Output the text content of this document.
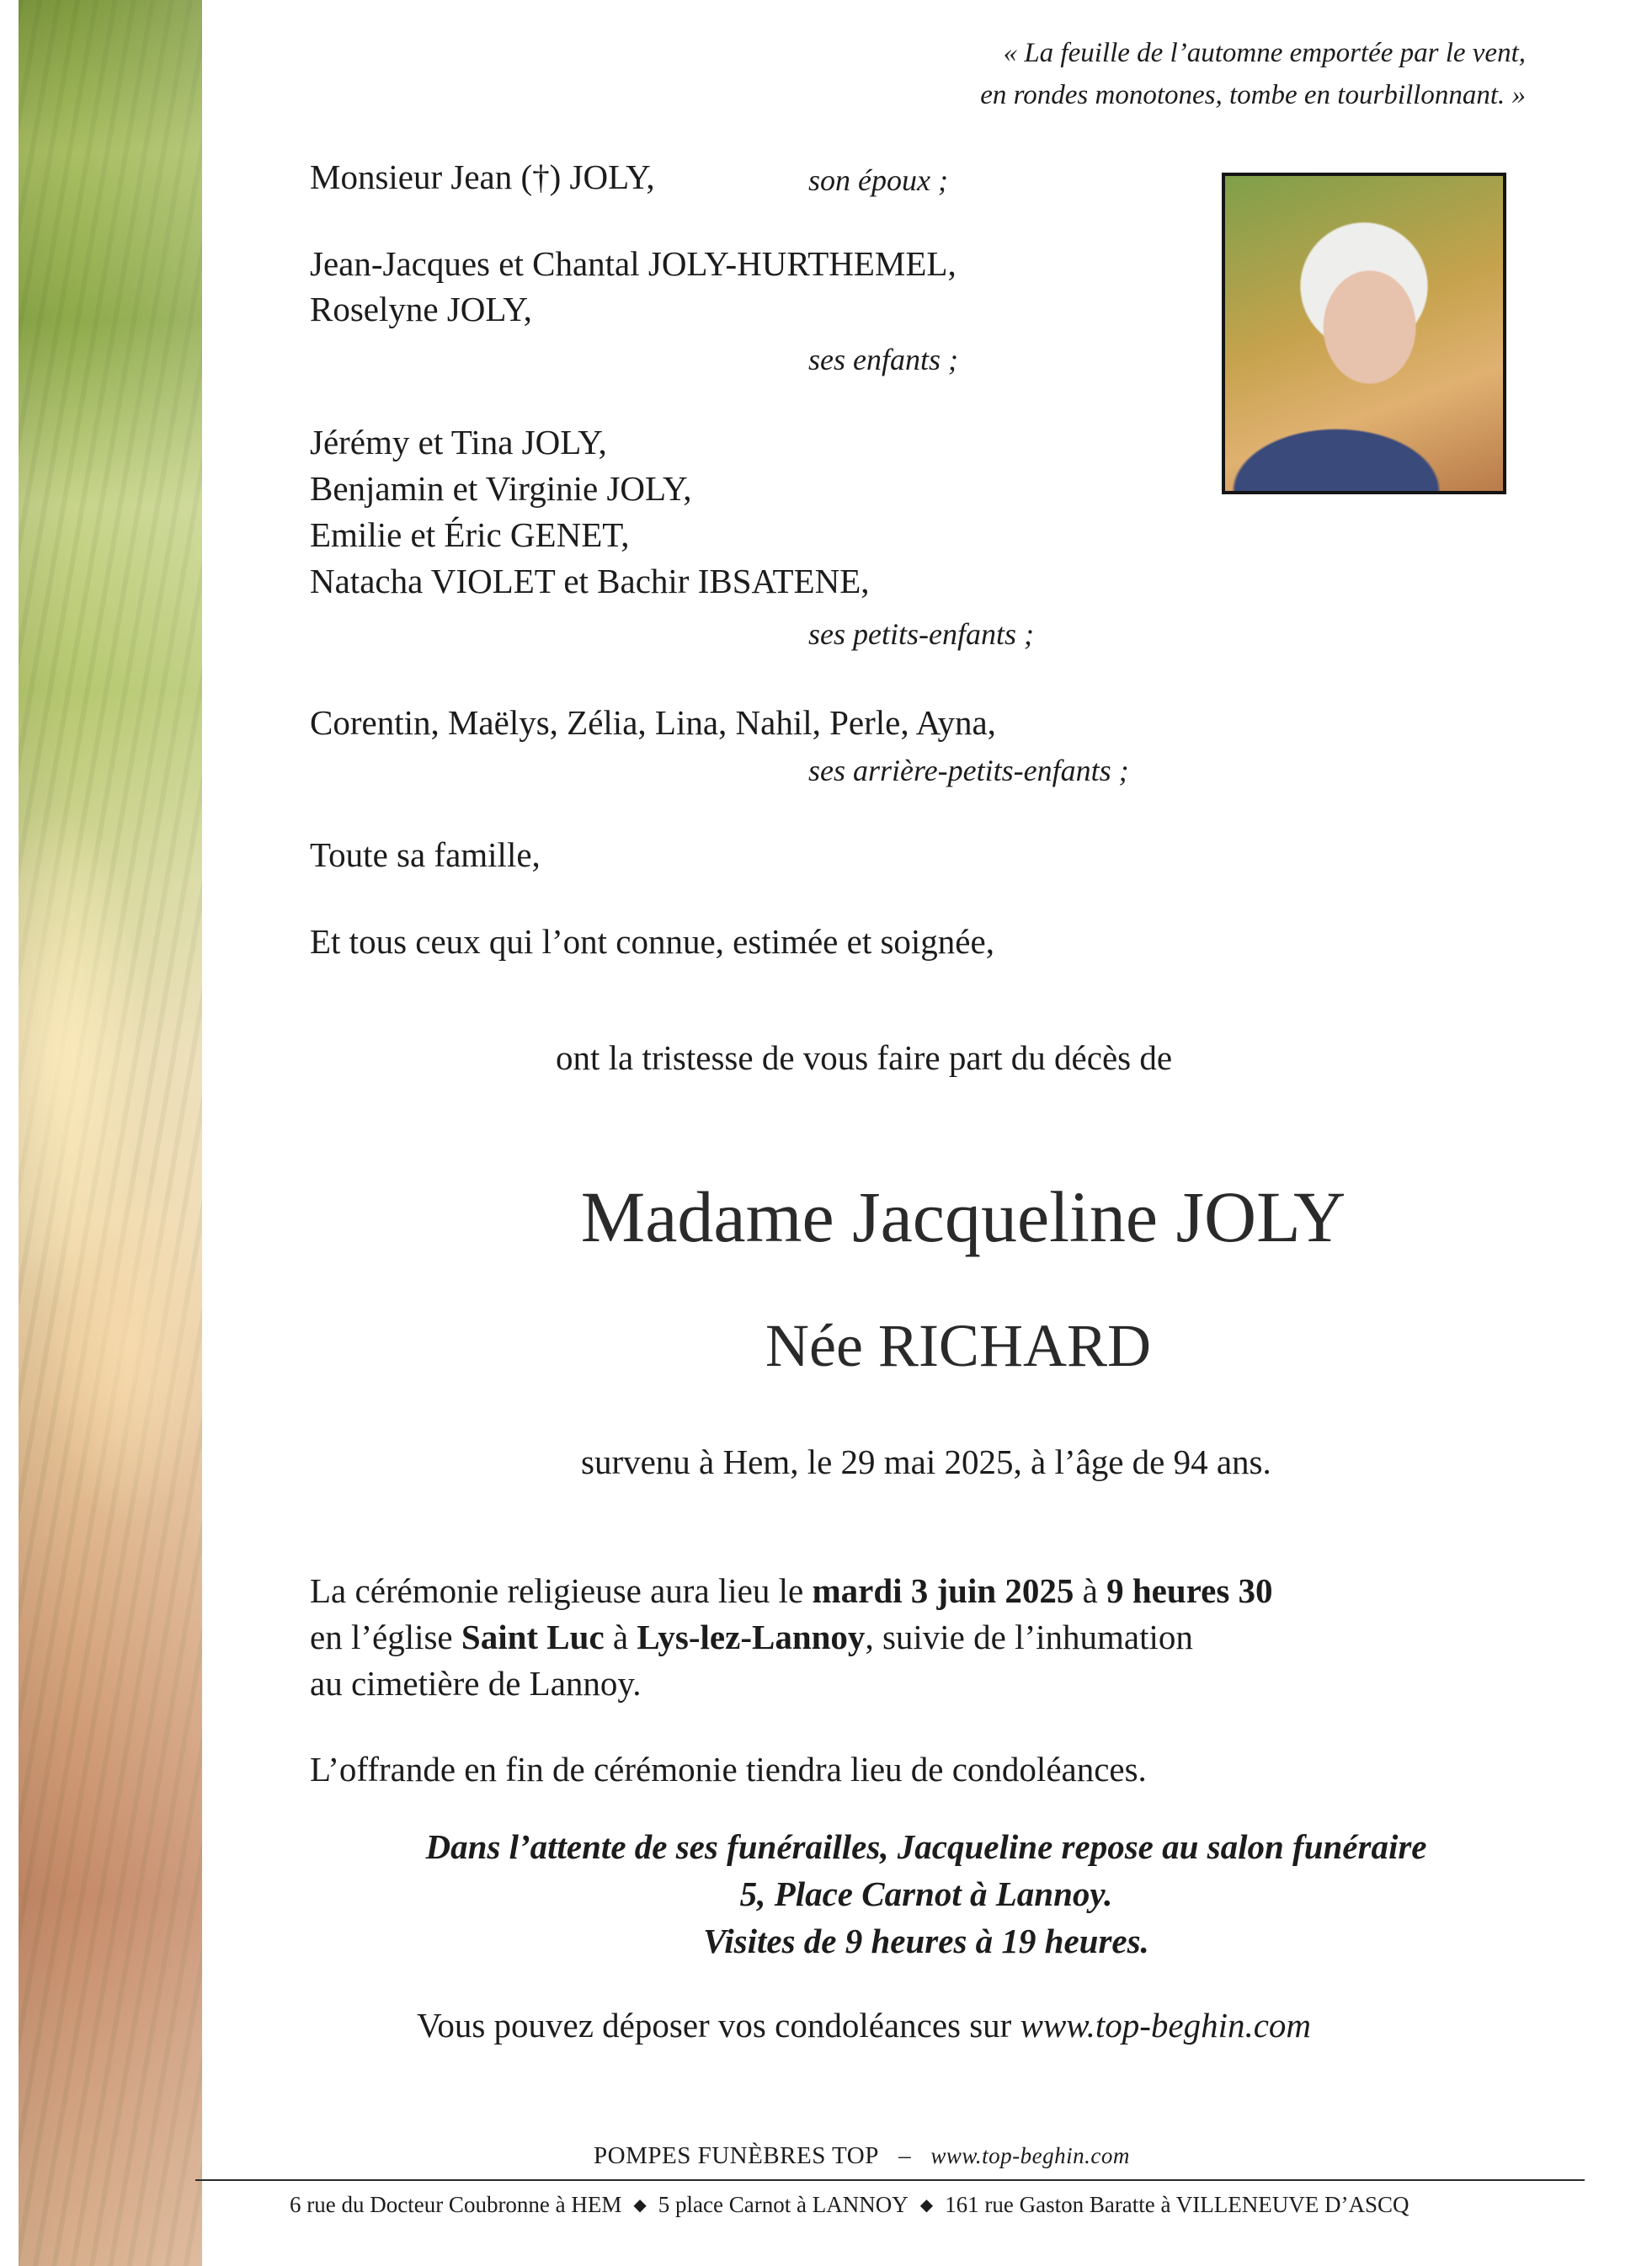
« La feuille de l’automne emportée par le vent,
en rondes monotones, tombe en tourbillonnant. »
Monsieur Jean (†) JOLY,	son époux ;
Jean-Jacques et Chantal JOLY-HURTHEMEL,
Roselyne JOLY,
ses enfants ;
Jérémy et Tina JOLY,
Benjamin et Virginie JOLY,
Emilie et Éric GENET,
Natacha VIOLET et Bachir IBSATENE,
ses petits-enfants ;
Corentin, Maëlys, Zélia, Lina, Nahil, Perle, Ayna,
ses arrière-petits-enfants ;
Toute sa famille,
Et tous ceux qui l’ont connue, estimée et soignée,
ont la tristesse de vous faire part du décès de
Madame Jacqueline JOLY
Née RICHARD
survenu à Hem, le 29 mai 2025, à l’âge de 94 ans.
La cérémonie religieuse aura lieu le mardi 3 juin 2025 à 9 heures 30
en l’église Saint Luc à Lys-lez-Lannoy, suivie de l’inhumation
au cimetière de Lannoy.
L’offrande en fin de cérémonie tiendra lieu de condoléances.
Dans l’attente de ses funérailles, Jacqueline repose au salon funéraire
5, Place Carnot à Lannoy.
Visites de 9 heures à 19 heures.
Vous pouvez déposer vos condoléances sur www.top-beghin.com
POMPES FUNÈBRES TOP – www.top-beghin.com
6 rue du Docteur Coubronne à HEM ◆ 5 place Carnot à LANNOY ◆ 161 rue Gaston Baratte à VILLENEUVE D’ASCQ
